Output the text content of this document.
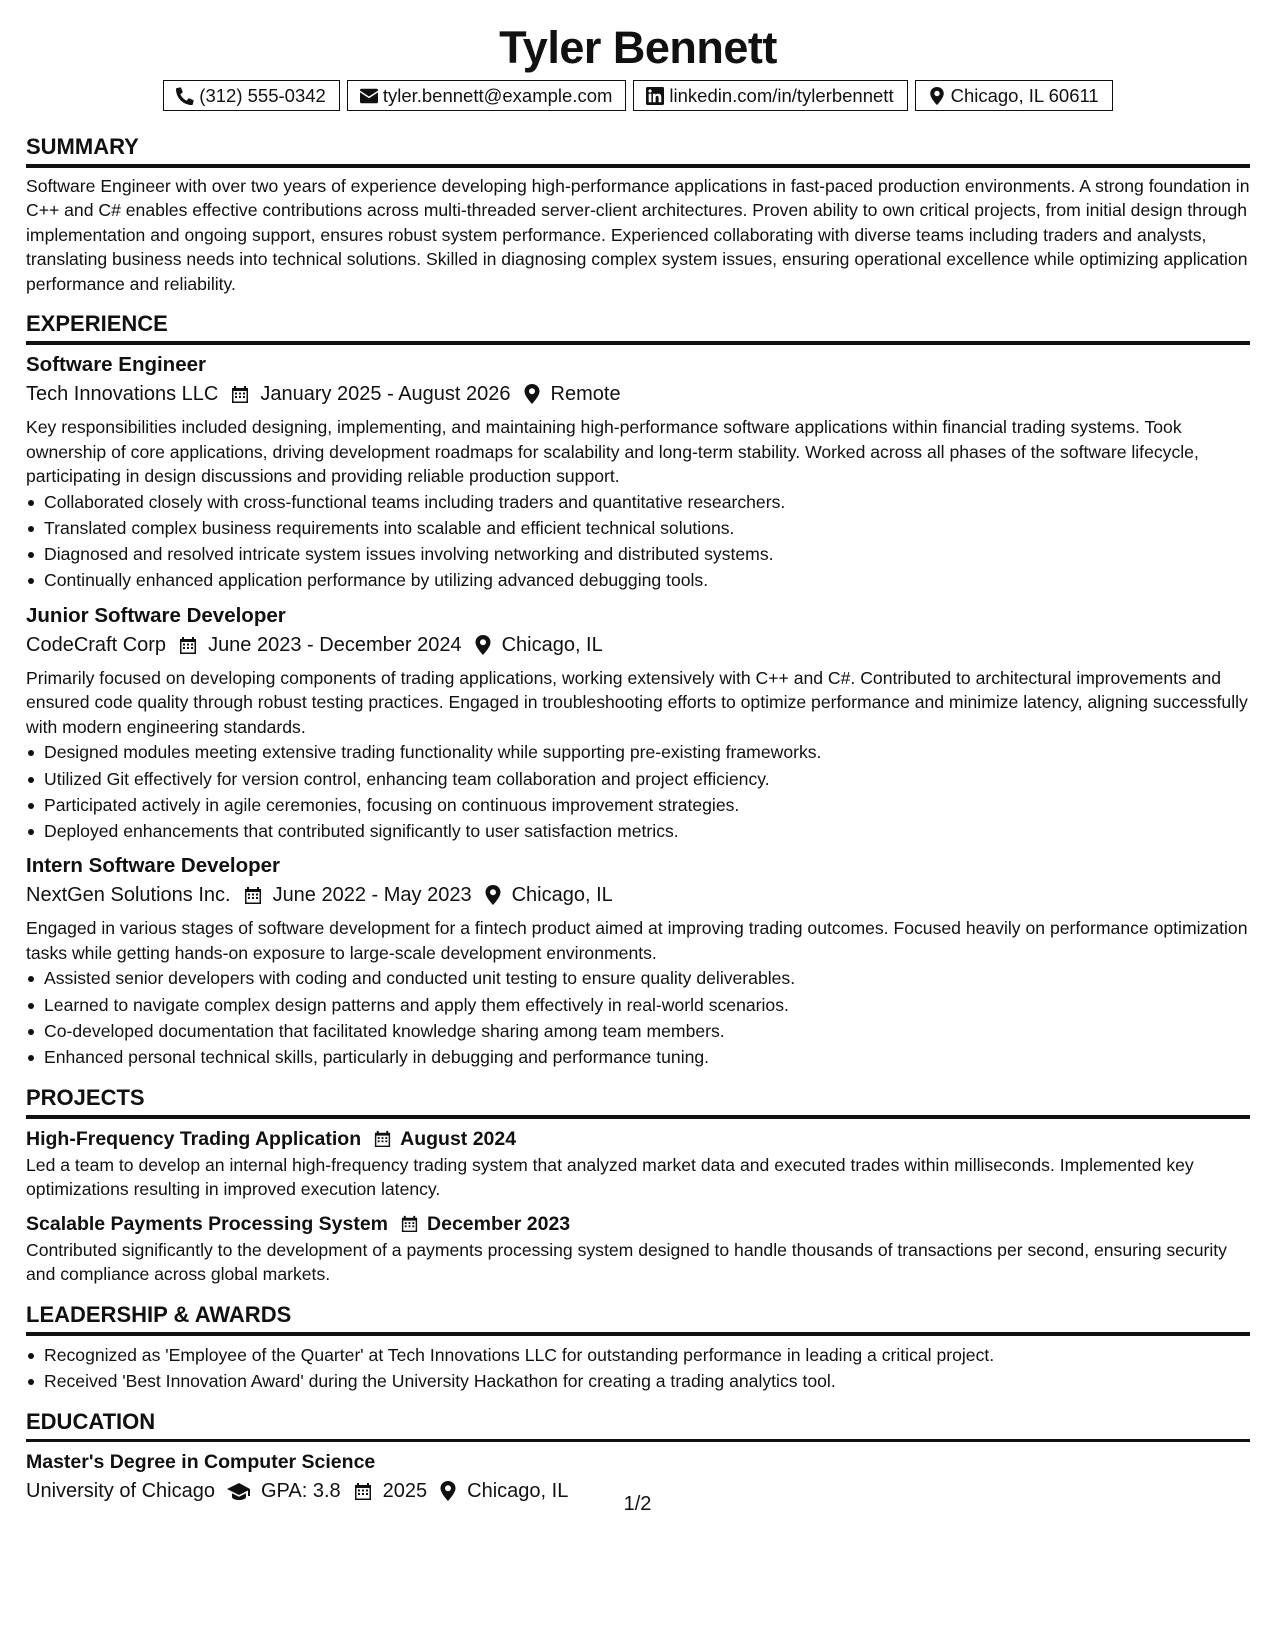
Tyler Bennett
(312) 555-0342	tyler.bennett@example.com	linkedin.com/in/tylerbennett	Chicago, IL 60611
SUMMARY

Software Engineer with over two years of experience developing high-performance applications in fast-paced production environments. A strong foundation in C++ and C# enables effective contributions across multi-threaded server-client architectures. Proven ability to own critical projects, from initial design through implementation and ongoing support, ensures robust system performance. Experienced collaborating with diverse teams including traders and analysts, translating business needs into technical solutions. Skilled in diagnosing complex system issues, ensuring operational excellence while optimizing application performance and reliability.

EXPERIENCE
Software Engineer
Tech Innovations LLC January 2025 - August 2026 Remote

Key responsibilities included designing, implementing, and maintaining high-performance software applications within financial trading systems. Took ownership of core applications, driving development roadmaps for scalability and long-term stability. Worked across all phases of the software lifecycle, participating in design discussions and providing reliable production support.

Collaborated closely with cross-functional teams including traders and quantitative researchers.
Translated complex business requirements into scalable and efficient technical solutions.
Diagnosed and resolved intricate system issues involving networking and distributed systems.
Continually enhanced application performance by utilizing advanced debugging tools.
Junior Software Developer
CodeCraft Corp June 2023 - December 2024 Chicago, IL

Primarily focused on developing components of trading applications, working extensively with C++ and C#. Contributed to architectural improvements and ensured code quality through robust testing practices. Engaged in troubleshooting efforts to optimize performance and minimize latency, aligning successfully with modern engineering standards.

Designed modules meeting extensive trading functionality while supporting pre-existing frameworks.
Utilized Git effectively for version control, enhancing team collaboration and project efficiency.
Participated actively in agile ceremonies, focusing on continuous improvement strategies.
Deployed enhancements that contributed significantly to user satisfaction metrics.
Intern Software Developer
NextGen Solutions Inc. June 2022 - May 2023 Chicago, IL

Engaged in various stages of software development for a fintech product aimed at improving trading outcomes. Focused heavily on performance optimization tasks while getting hands-on exposure to large-scale development environments.

Assisted senior developers with coding and conducted unit testing to ensure quality deliverables.
Learned to navigate complex design patterns and apply them effectively in real-world scenarios.
Co-developed documentation that facilitated knowledge sharing among team members.
Enhanced personal technical skills, particularly in debugging and performance tuning.
PROJECTS
High-Frequency Trading Application August 2024

Led a team to develop an internal high-frequency trading system that analyzed market data and executed trades within milliseconds. Implemented key optimizations resulting in improved execution latency.

Scalable Payments Processing System December 2023

Contributed significantly to the development of a payments processing system designed to handle thousands of transactions per second, ensuring security and compliance across global markets.

LEADERSHIP & AWARDS
Recognized as 'Employee of the Quarter' at Tech Innovations LLC for outstanding performance in leading a critical project.
Received 'Best Innovation Award' during the University Hackathon for creating a trading analytics tool.
EDUCATION
Master's Degree in Computer Science
University of Chicago GPA: 3.8 2025 Chicago, IL
1/2
